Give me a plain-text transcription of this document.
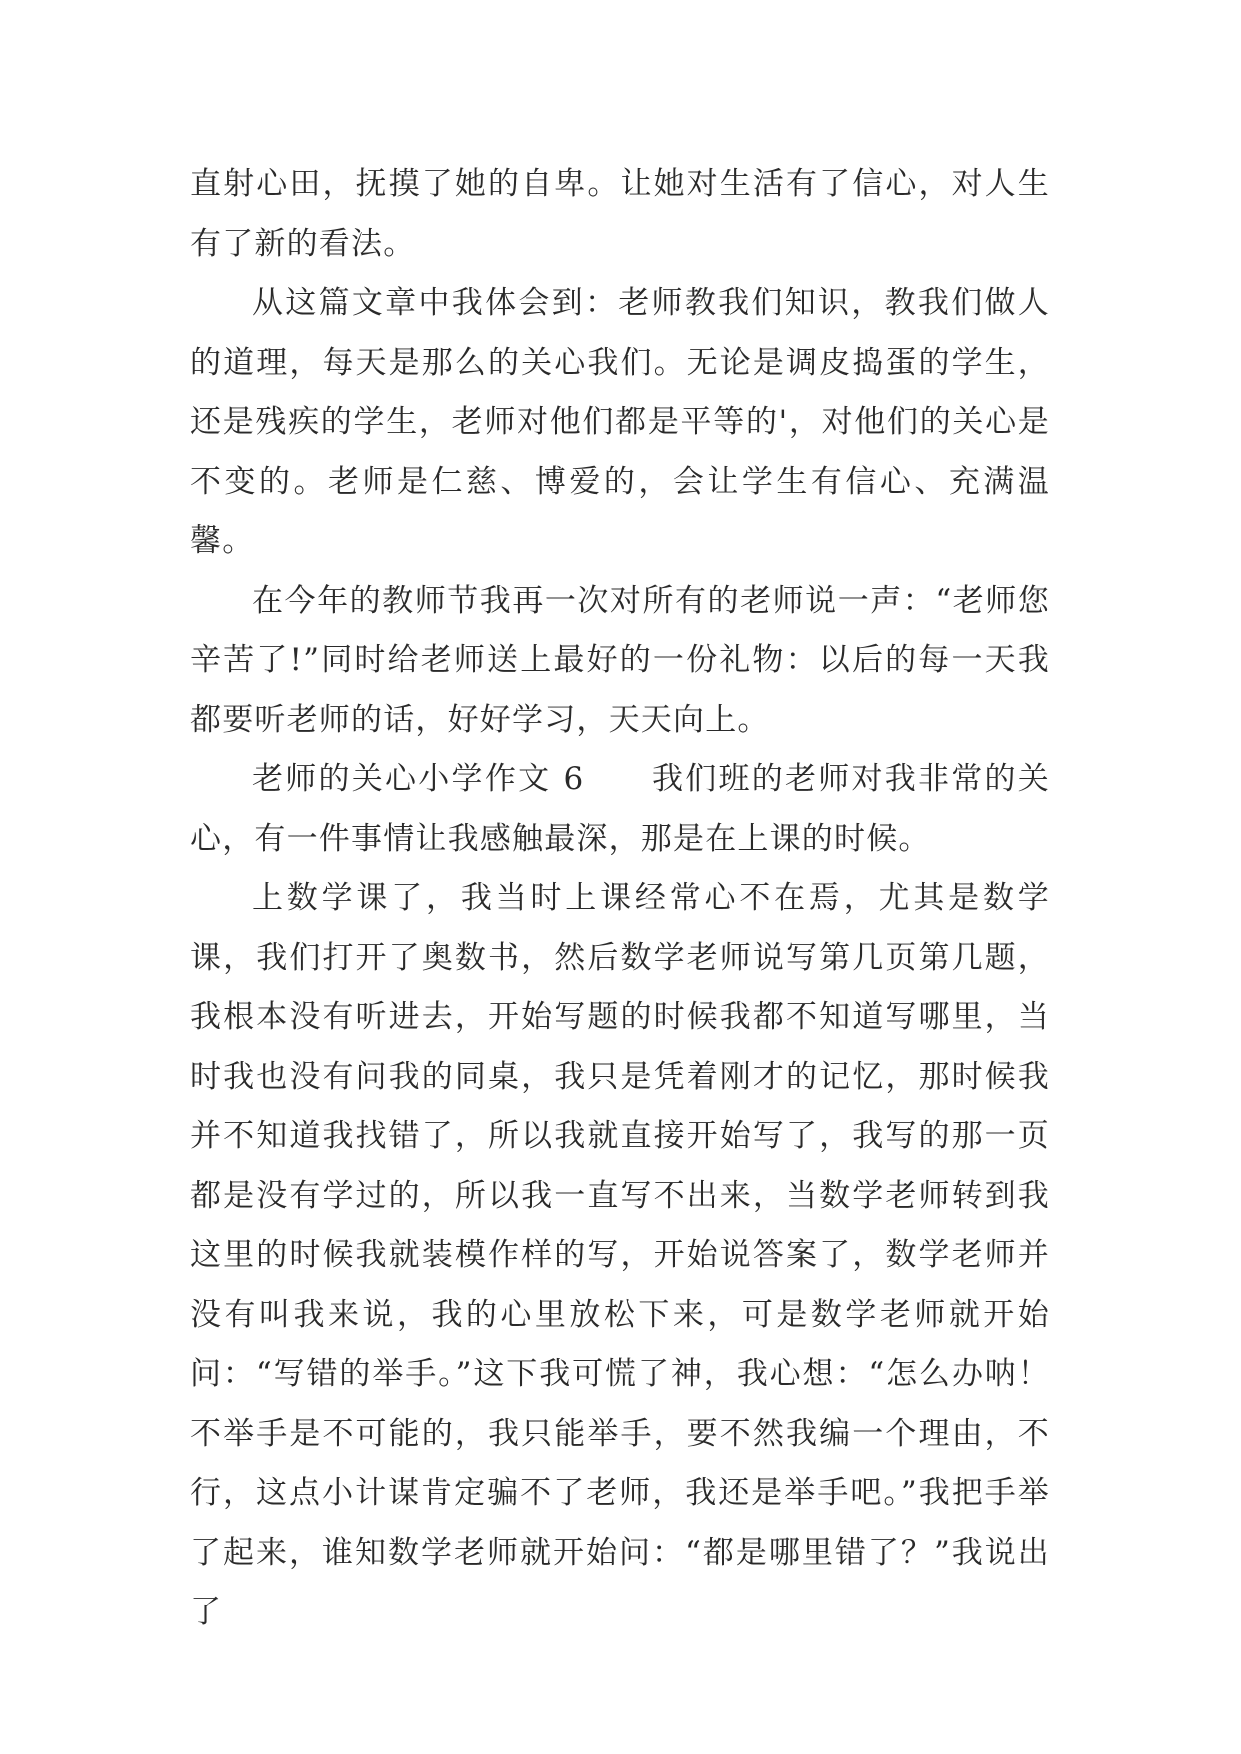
直射心田，抚摸了她的自卑。让她对生活有了信心，对人生有了新的看法。

从这篇文章中我体会到：老师教我们知识，教我们做人的道理，每天是那么的关心我们。无论是调皮捣蛋的学生，还是残疾的学生，老师对他们都是平等的'，对他们的关心是不变的。老师是仁慈、博爱的，会让学生有信心、充满温馨。

在今年的教师节我再一次对所有的老师说一声：“老师您辛苦了!”同时给老师送上最好的一份礼物：以后的每一天我都要听老师的话，好好学习，天天向上。

老师的关心小学作文 6　　我们班的老师对我非常的关心，有一件事情让我感触最深，那是在上课的时候。

上数学课了，我当时上课经常心不在焉，尤其是数学课，我们打开了奥数书，然后数学老师说写第几页第几题，我根本没有听进去，开始写题的时候我都不知道写哪里，当时我也没有问我的同桌，我只是凭着刚才的记忆，那时候我并不知道我找错了，所以我就直接开始写了，我写的那一页都是没有学过的，所以我一直写不出来，当数学老师转到我这里的时候我就装模作样的写，开始说答案了，数学老师并没有叫我来说，我的心里放松下来，可是数学老师就开始问：“写错的举手。”这下我可慌了神，我心想：“怎么办呐！不举手是不可能的，我只能举手，要不然我编一个理由，不行，这点小计谋肯定骗不了老师，我还是举手吧。”我把手举了起来，谁知数学老师就开始问：“都是哪里错了？”我说出了
